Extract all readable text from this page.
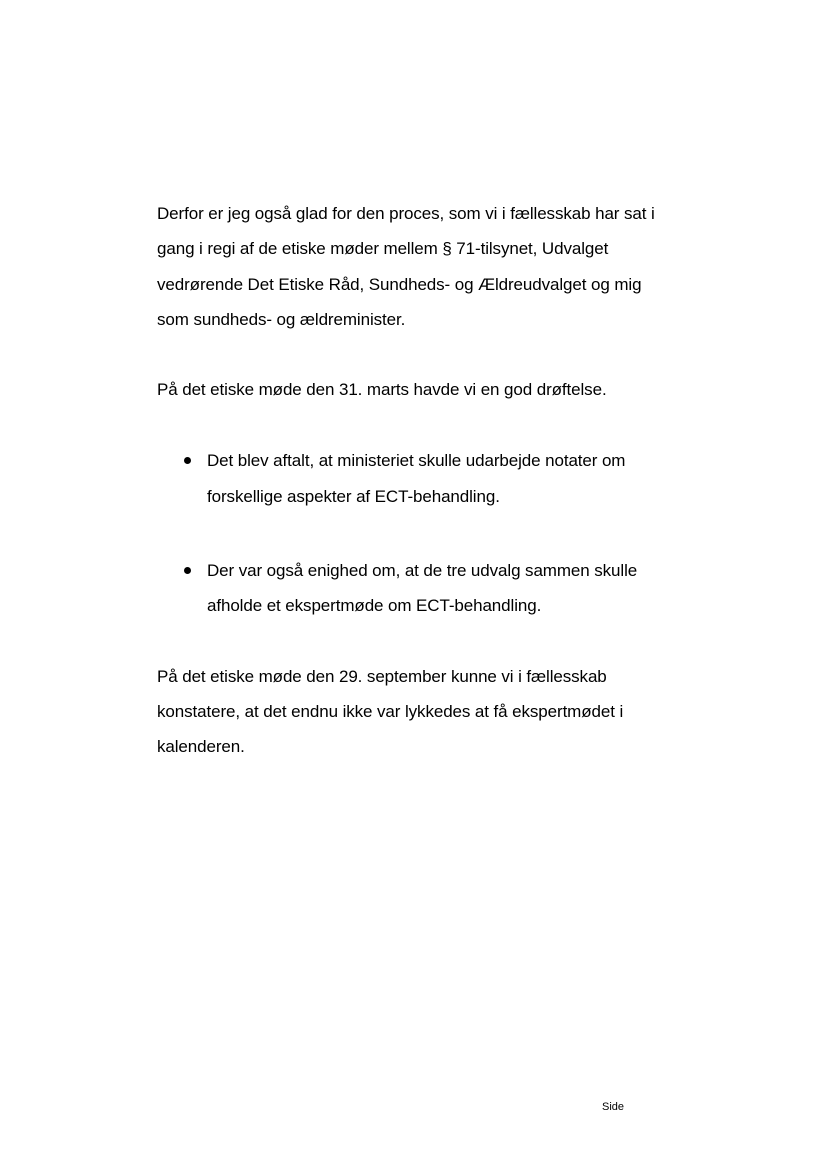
Derfor er jeg også glad for den proces, som vi i fællesskab har sat i gang i regi af de etiske møder mellem § 71-tilsynet, Udvalget vedrørende Det Etiske Råd, Sundheds- og Ældreudvalget og mig som sundheds- og ældreminister.

På det etiske møde den 31. marts havde vi en god drøftelse.

Det blev aftalt, at ministeriet skulle udarbejde notater om forskellige aspekter af ECT-behandling.
Der var også enighed om, at de tre udvalg sammen skulle afholde et ekspertmøde om ECT-behandling.

På det etiske møde den 29. september kunne vi i fællesskab konstatere, at det endnu ikke var lykkedes at få ekspertmødet i kalenderen.

Side
